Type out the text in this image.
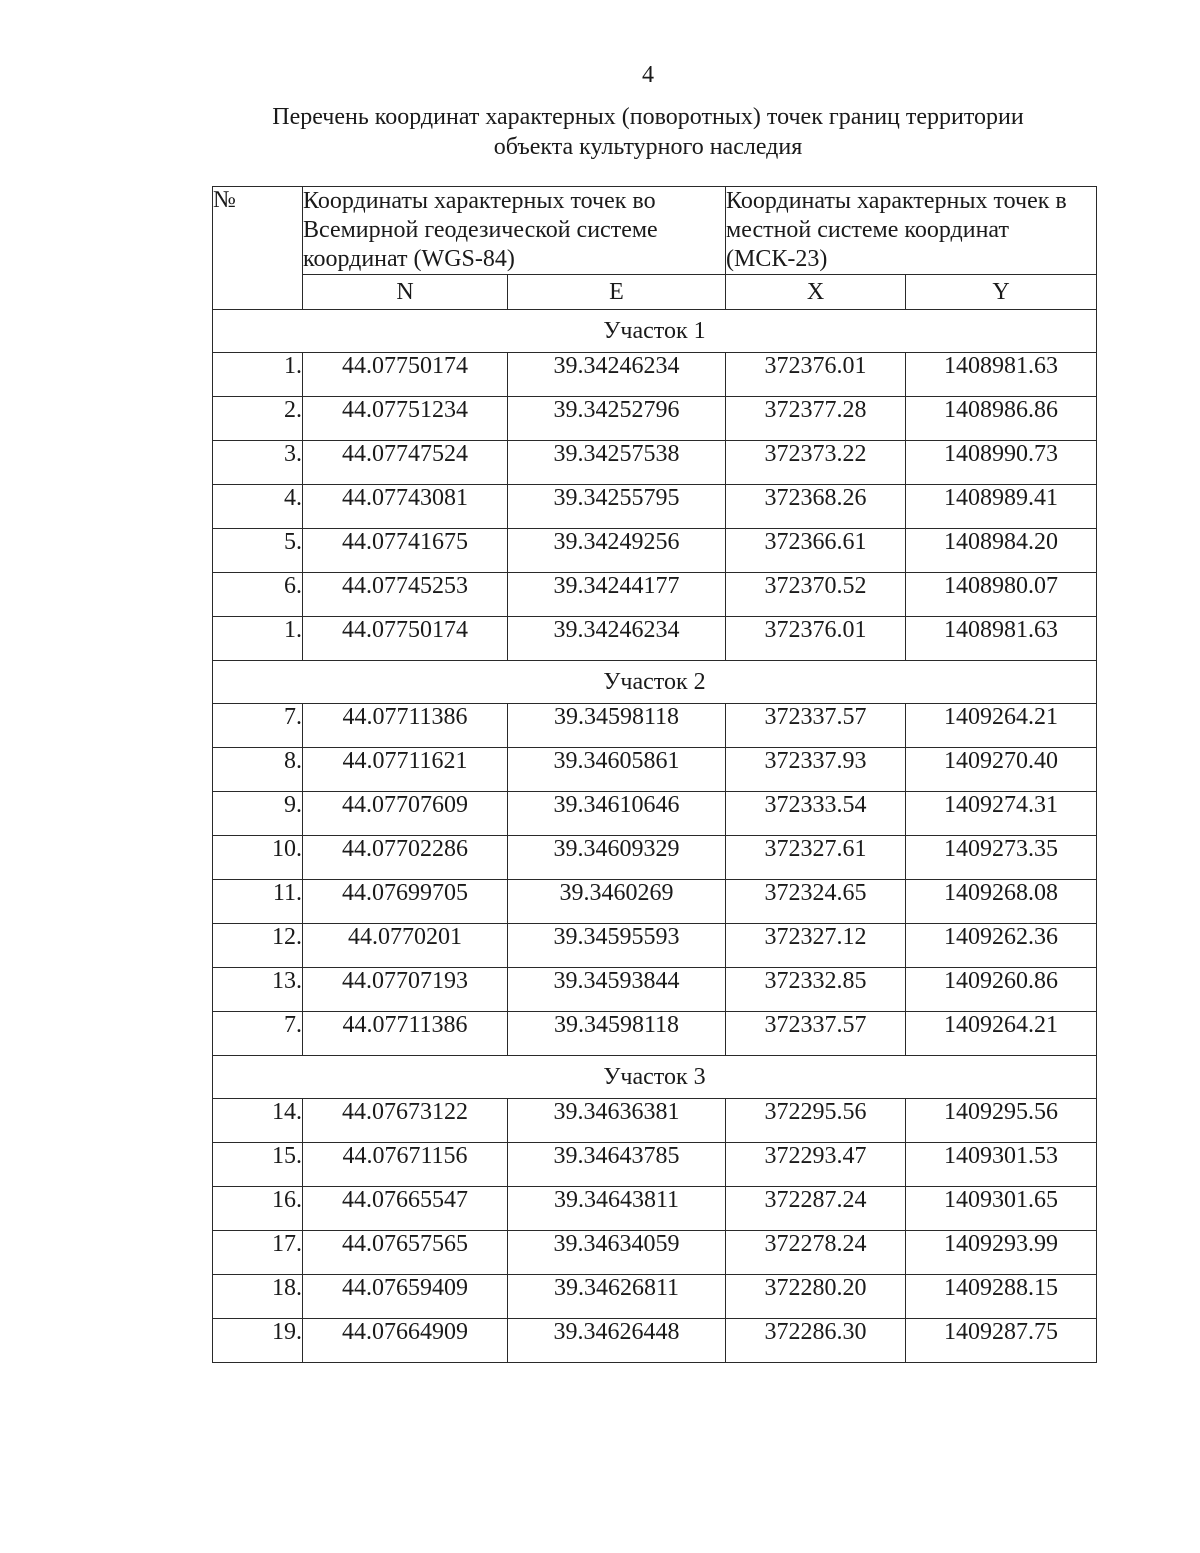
4
Перечень координат характерных (поворотных) точек границ территории
объекта культурного наследия
№	Координаты характерных точек во Всемирной геодезической системе координат (WGS-84)		Координаты характерных точек в местной системе координат (МСК-23)	
	N	E	X	Y
Участок 1				
1.	44.07750174	39.34246234	372376.01	1408981.63
2.	44.07751234	39.34252796	372377.28	1408986.86
3.	44.07747524	39.34257538	372373.22	1408990.73
4.	44.07743081	39.34255795	372368.26	1408989.41
5.	44.07741675	39.34249256	372366.61	1408984.20
6.	44.07745253	39.34244177	372370.52	1408980.07
1.	44.07750174	39.34246234	372376.01	1408981.63
Участок 2				
7.	44.07711386	39.34598118	372337.57	1409264.21
8.	44.07711621	39.34605861	372337.93	1409270.40
9.	44.07707609	39.34610646	372333.54	1409274.31
10.	44.07702286	39.34609329	372327.61	1409273.35
11.	44.07699705	39.3460269	372324.65	1409268.08
12.	44.0770201	39.34595593	372327.12	1409262.36
13.	44.07707193	39.34593844	372332.85	1409260.86
7.	44.07711386	39.34598118	372337.57	1409264.21
Участок 3				
14.	44.07673122	39.34636381	372295.56	1409295.56
15.	44.07671156	39.34643785	372293.47	1409301.53
16.	44.07665547	39.34643811	372287.24	1409301.65
17.	44.07657565	39.34634059	372278.24	1409293.99
18.	44.07659409	39.34626811	372280.20	1409288.15
19.	44.07664909	39.34626448	372286.30	1409287.75
